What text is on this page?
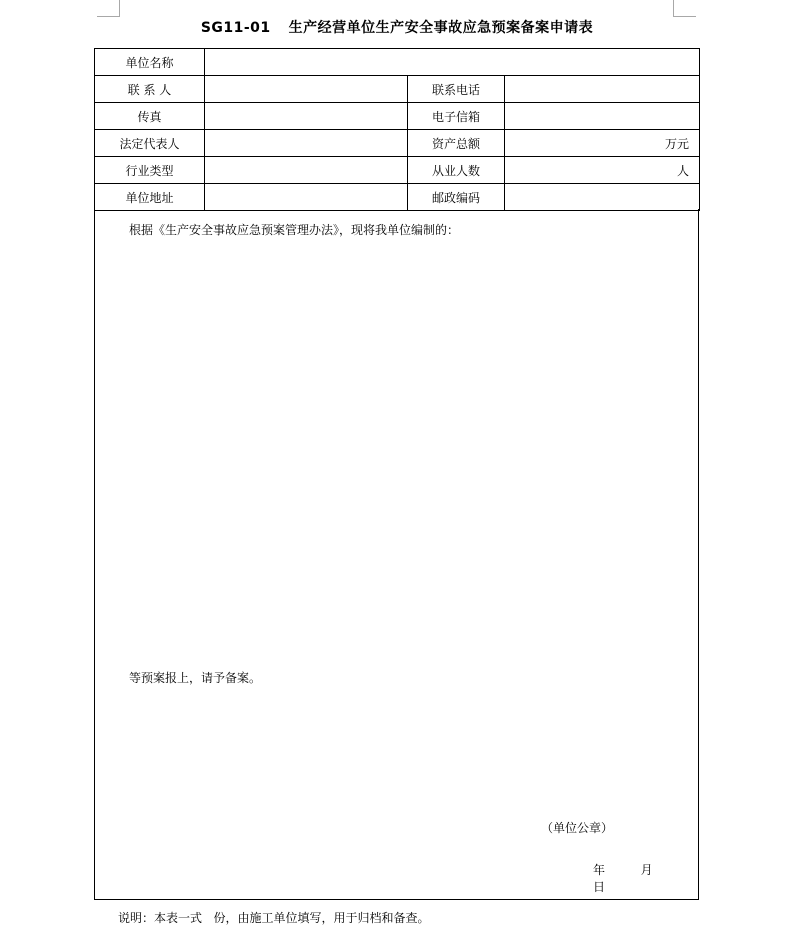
SG11-01 生产经营单位生产安全事故应急预案备案申请表
单位名称			
联 系 人		联系电话	
传真		电子信箱	
法定代表人		资产总额	万元
行业类型		从业人数	人
单位地址		邮政编码	
根据《生产安全事故应急预案管理办法》，现将我单位编制的：
等预案报上，请予备案。
（单位公章）
年	月  日
说明：本表一式   份，由施工单位填写，用于归档和备查。
